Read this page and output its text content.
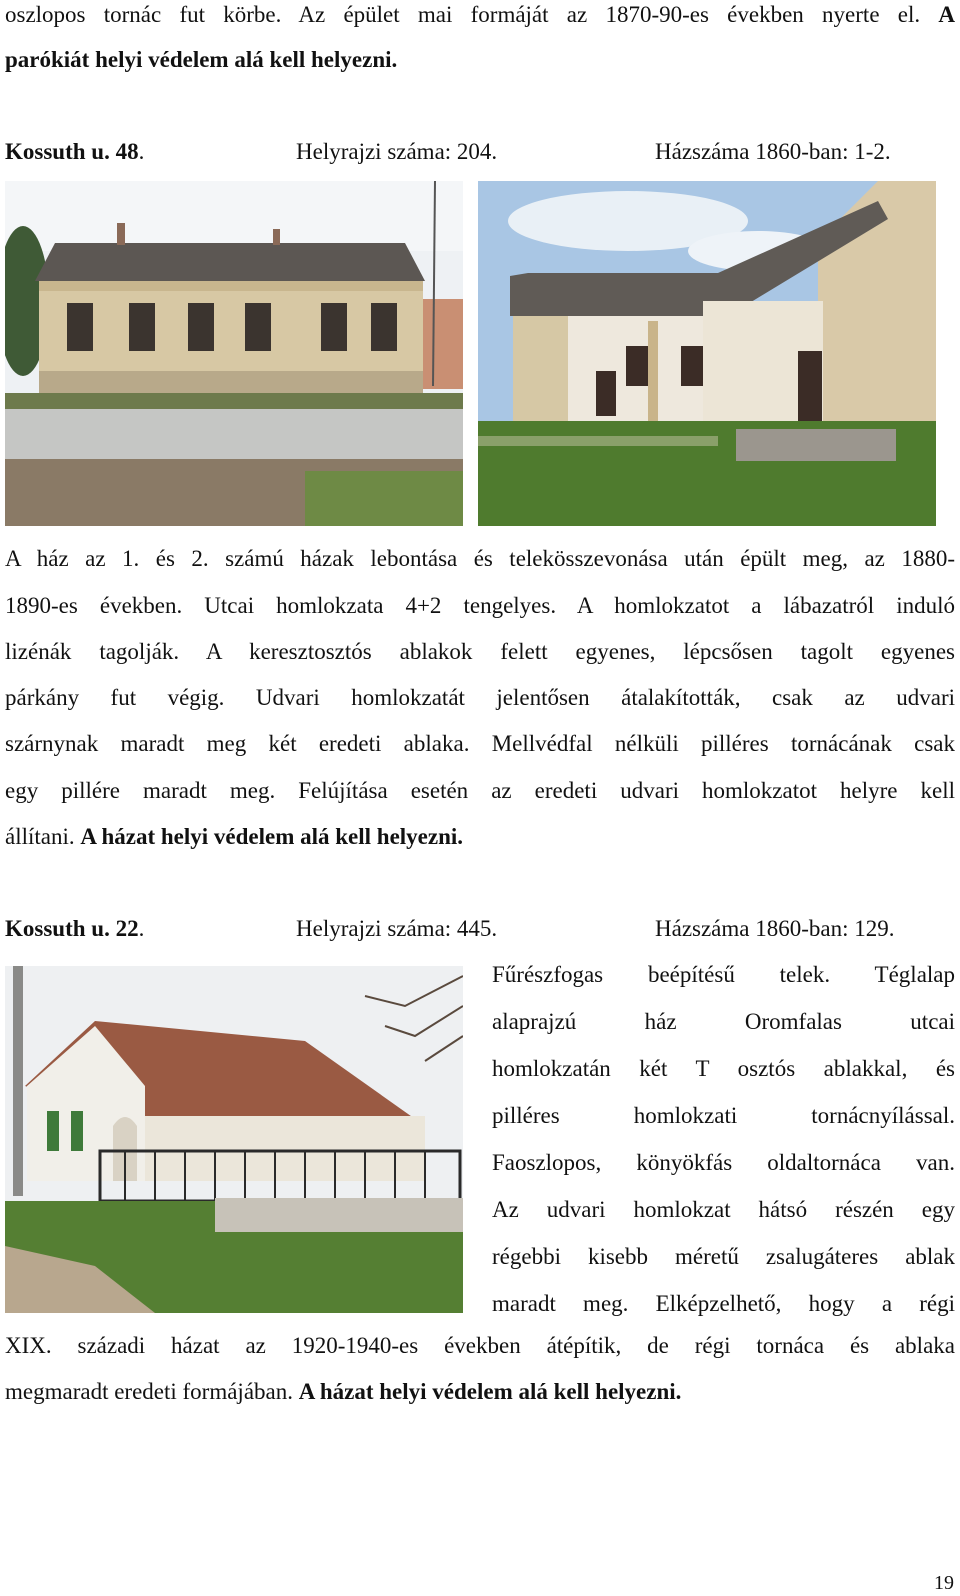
oszlopos tornác fut körbe. Az épület mai formáját az 1870-90-es években nyerte el. A
parókiát helyi védelem alá kell helyezni.
Kossuth u. 48.	Helyrajzi száma: 204.	Házszáma 1860-ban: 1-2.
A ház az 1. és 2. számú házak lebontása és telekösszevonása után épült meg, az 1880-
1890-es években. Utcai homlokzata 4+2 tengelyes. A homlokzatot a lábazatról induló
lizénák tagolják. A keresztosztós ablakok felett egyenes, lépcsősen tagolt egyenes
párkány fut végig. Udvari homlokzatát jelentősen átalakították, csak az udvari
szárnynak maradt meg két eredeti ablaka. Mellvédfal nélküli pilléres tornácának csak
egy pillére maradt meg. Felújítása esetén az eredeti udvari homlokzatot helyre kell
állítani. A házat helyi védelem alá kell helyezni.
Kossuth u. 22.	Helyrajzi száma: 445.	Házszáma 1860-ban: 129.
Fűrészfogas beépítésű telek. Téglalap
alaprajzú ház Oromfalas utcai
homlokzatán két T osztós ablakkal, és
pilléres homlokzati tornácnyílással.
Faoszlopos, könyökfás oldaltornáca van.
Az udvari homlokzat hátsó részén egy
régebbi kisebb méretű zsalugáteres ablak
maradt meg. Elképzelhető, hogy a régi
XIX. századi házat az 1920-1940-es években átépítik, de régi tornáca és ablaka
megmaradt eredeti formájában. A házat helyi védelem alá kell helyezni.
19
